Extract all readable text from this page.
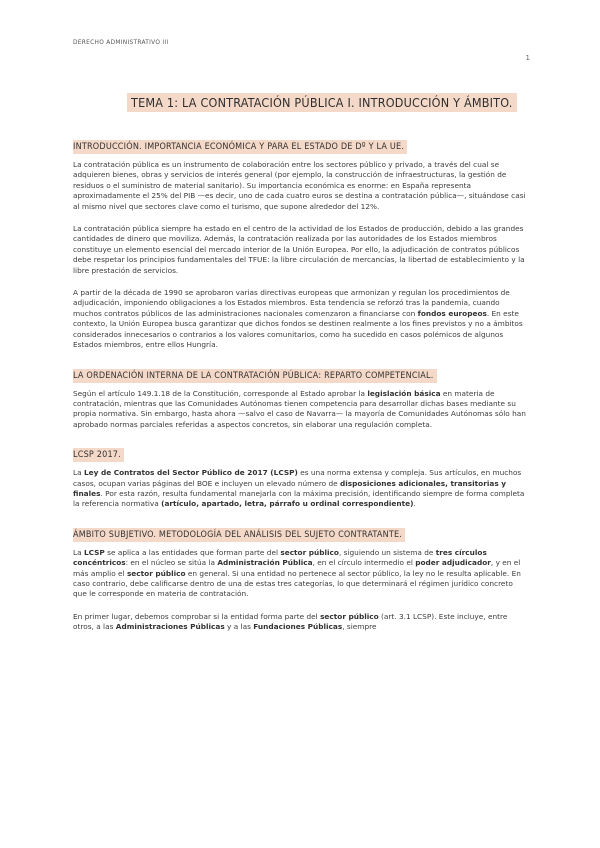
DERECHO ADMINISTRATIVO III
1
TEMA 1: LA CONTRATACIÓN PÚBLICA I. INTRODUCCIÓN Y ÁMBITO.
INTRODUCCIÓN. IMPORTANCIA ECONÓMICA Y PARA EL ESTADO DE Dº Y LA UE.

La contratación pública es un instrumento de colaboración entre los sectores público y privado, a través del cual se adquieren bienes, obras y servicios de interés general (por ejemplo, la construcción de infraestructuras, la gestión de residuos o el suministro de material sanitario). Su importancia económica es enorme: en España representa aproximadamente el 25% del PIB —es decir, uno de cada cuatro euros se destina a contratación pública—, situándose casi al mismo nivel que sectores clave como el turismo, que supone alrededor del 12%.

La contratación pública siempre ha estado en el centro de la actividad de los Estados de producción, debido a las grandes cantidades de dinero que moviliza. Además, la contratación realizada por las autoridades de los Estados miembros constituye un elemento esencial del mercado interior de la Unión Europea. Por ello, la adjudicación de contratos públicos debe respetar los principios fundamentales del TFUE: la libre circulación de mercancías, la libertad de establecimiento y la libre prestación de servicios.

A partir de la década de 1990 se aprobaron varias directivas europeas que armonizan y regulan los procedimientos de adjudicación, imponiendo obligaciones a los Estados miembros. Esta tendencia se reforzó tras la pandemia, cuando muchos contratos públicos de las administraciones nacionales comenzaron a financiarse con fondos europeos. En este contexto, la Unión Europea busca garantizar que dichos fondos se destinen realmente a los fines previstos y no a ámbitos considerados innecesarios o contrarios a los valores comunitarios, como ha sucedido en casos polémicos de algunos Estados miembros, entre ellos Hungría.

LA ORDENACIÓN INTERNA DE LA CONTRATACIÓN PÚBLICA: REPARTO COMPETENCIAL.

Según el artículo 149.1.18 de la Constitución, corresponde al Estado aprobar la legislación básica en materia de contratación, mientras que las Comunidades Autónomas tienen competencia para desarrollar dichas bases mediante su propia normativa. Sin embargo, hasta ahora —salvo el caso de Navarra— la mayoría de Comunidades Autónomas sólo han aprobado normas parciales referidas a aspectos concretos, sin elaborar una regulación completa.

LCSP 2017.

La Ley de Contratos del Sector Público de 2017 (LCSP) es una norma extensa y compleja. Sus artículos, en muchos casos, ocupan varias páginas del BOE e incluyen un elevado número de disposiciones adicionales, transitorias y finales. Por esta razón, resulta fundamental manejarla con la máxima precisión, identificando siempre de forma completa la referencia normativa (artículo, apartado, letra, párrafo u ordinal correspondiente).

ÁMBITO SUBJETIVO. METODOLOGÍA DEL ANÁLISIS DEL SUJETO CONTRATANTE.

La LCSP se aplica a las entidades que forman parte del sector público, siguiendo un sistema de tres círculos concéntricos: en el núcleo se sitúa la Administración Pública, en el círculo intermedio el poder adjudicador, y en el más amplio el sector público en general. Si una entidad no pertenece al sector público, la ley no le resulta aplicable. En caso contrario, debe calificarse dentro de una de estas tres categorías, lo que determinará el régimen jurídico concreto que le corresponde en materia de contratación.

En primer lugar, debemos comprobar si la entidad forma parte del sector público (art. 3.1 LCSP). Este incluye, entre otros, a las Administraciones Públicas y a las Fundaciones Públicas, siempre
